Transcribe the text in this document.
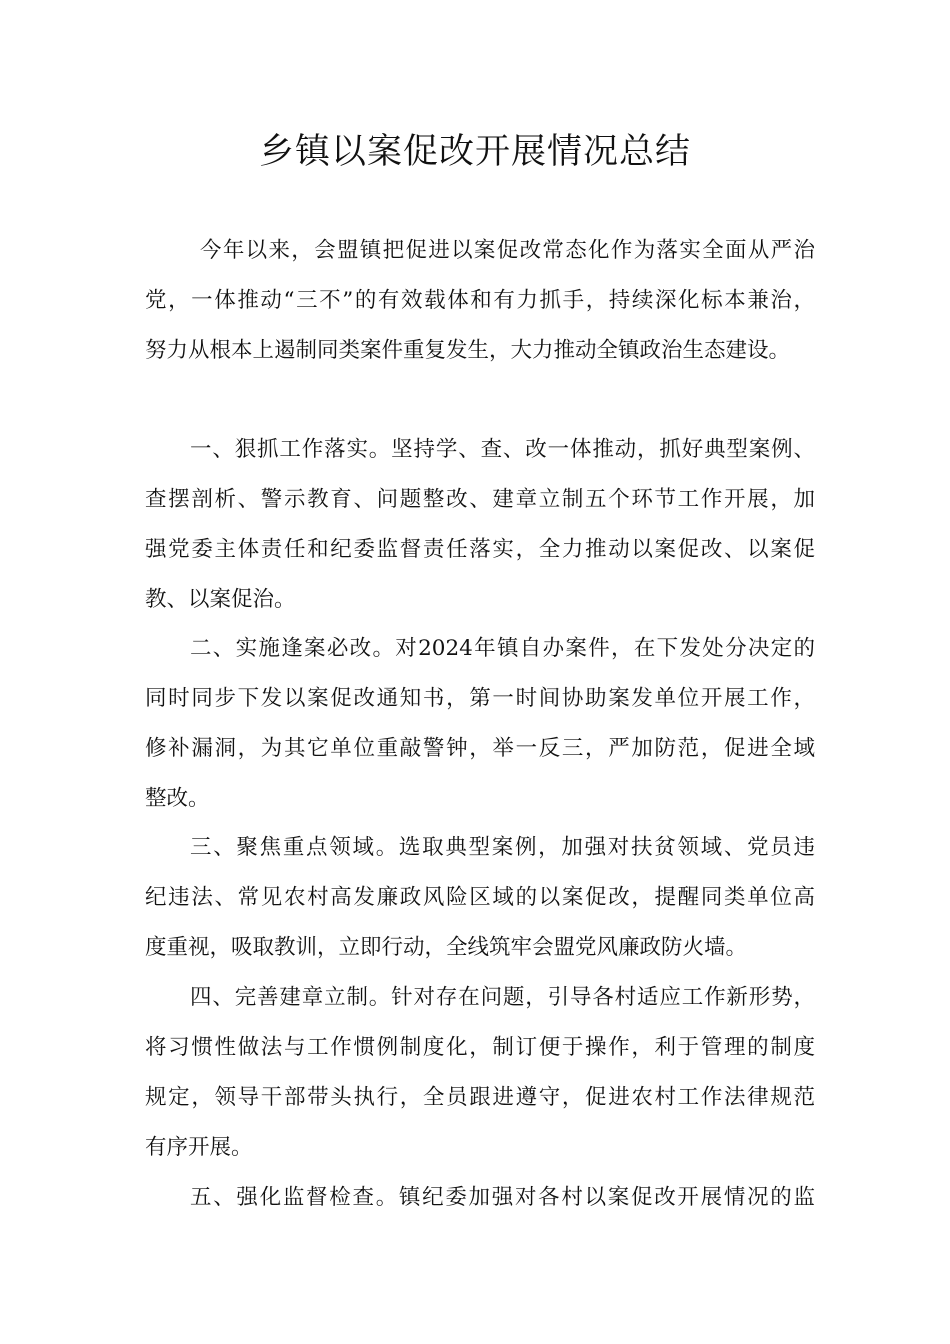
乡镇以案促改开展情况总结
今年以来，会盟镇把促进以案促改常态化作为落实全面从严治
党，一体推动“三不”的有效载体和有力抓手，持续深化标本兼治，
努力从根本上遏制同类案件重复发生，大力推动全镇政治生态建设。
一、狠抓工作落实。坚持学、查、改一体推动，抓好典型案例、
查摆剖析、警示教育、问题整改、建章立制五个环节工作开展，加
强党委主体责任和纪委监督责任落实，全力推动以案促改、以案促
教、以案促治。
二、实施逢案必改。对2024年镇自办案件，在下发处分决定的
同时同步下发以案促改通知书，第一时间协助案发单位开展工作，
修补漏洞，为其它单位重敲警钟，举一反三，严加防范，促进全域
整改。
三、聚焦重点领域。选取典型案例，加强对扶贫领域、党员违
纪违法、常见农村高发廉政风险区域的以案促改，提醒同类单位高
度重视，吸取教训，立即行动，全线筑牢会盟党风廉政防火墙。
四、完善建章立制。针对存在问题，引导各村适应工作新形势，
将习惯性做法与工作惯例制度化，制订便于操作，利于管理的制度
规定，领导干部带头执行，全员跟进遵守，促进农村工作法律规范
有序开展。
五、强化监督检查。镇纪委加强对各村以案促改开展情况的监
